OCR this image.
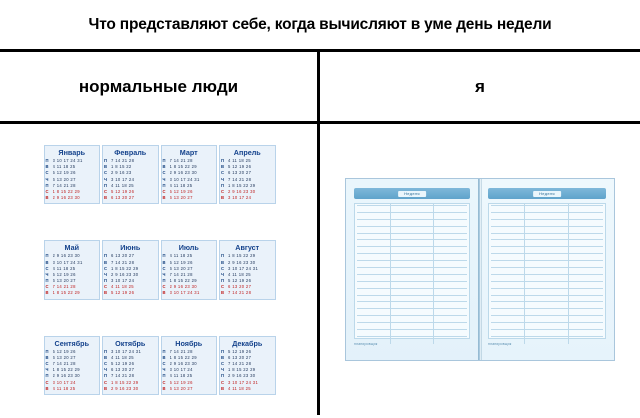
Что представляют себе, когда вычисляют в уме день недели
нормальные люди	я
Январь
П 3 10 17 24 31
В 4 11 18 25
С 5 12 19 26
Ч 6 13 20 27
П 7 14 21 28
С 1 8 15 22 29
В 2 9 16 23 30
Февраль
П 7 14 21 28
В 1 8 15 22
С 2 9 16 23
Ч 3 10 17 24
П 4 11 18 25
С 5 12 19 26
В 6 13 20 27
Март
П 7 14 21 28
В 1 8 15 22 29
С 2 9 16 23 30
Ч 3 10 17 24 31
П 4 11 18 25
С 5 12 19 26
В 6 13 20 27
Апрель
П 4 11 18 25
В 5 12 19 26
С 6 13 20 27
Ч 7 14 21 28
П 1 8 15 22 29
С 2 9 16 23 30
В 3 10 17 24
Май
П 2 9 16 23 30
В 3 10 17 24 31
С 4 11 18 25
Ч 5 12 19 26
П 6 13 20 27
С 7 14 21 28
В 1 8 15 22 29
Июнь
П 6 13 20 27
В 7 14 21 28
С 1 8 15 22 29
Ч 2 9 16 23 30
П 3 10 17 24
С 4 11 18 25
В 5 12 19 26
Июль
П 4 11 18 25
В 5 12 19 26
С 6 13 20 27
Ч 7 14 21 28
П 1 8 15 22 29
С 2 9 16 23 30
В 3 10 17 24 31
Август
П 1 8 15 22 29
В 2 9 16 23 30
С 3 10 17 24 31
Ч 4 11 18 25
П 5 12 19 26
С 6 13 20 27
В 7 14 21 28
Сентябрь
П 5 12 19 26
В 6 13 20 27
С 7 14 21 28
Ч 1 8 15 22 29
П 2 9 16 23 30
С 3 10 17 24
В 4 11 18 25
Октябрь
П 3 10 17 24 31
В 4 11 18 25
С 5 12 19 26
Ч 6 13 20 27
П 7 14 21 28
С 1 8 15 22 29
В 2 9 16 23 30
Ноябрь
П 7 14 21 28
В 1 8 15 22 29
С 2 9 16 23 30
Ч 3 10 17 24
П 4 11 18 25
С 5 12 19 26
В 6 13 20 27
Декабрь
П 5 12 19 26
В 6 13 20 27
С 7 14 21 28
Ч 1 8 15 22 29
П 2 9 16 23 30
С 3 10 17 24 31
В 4 11 18 25
Неделя
планировщик
Неделя
планировщик
